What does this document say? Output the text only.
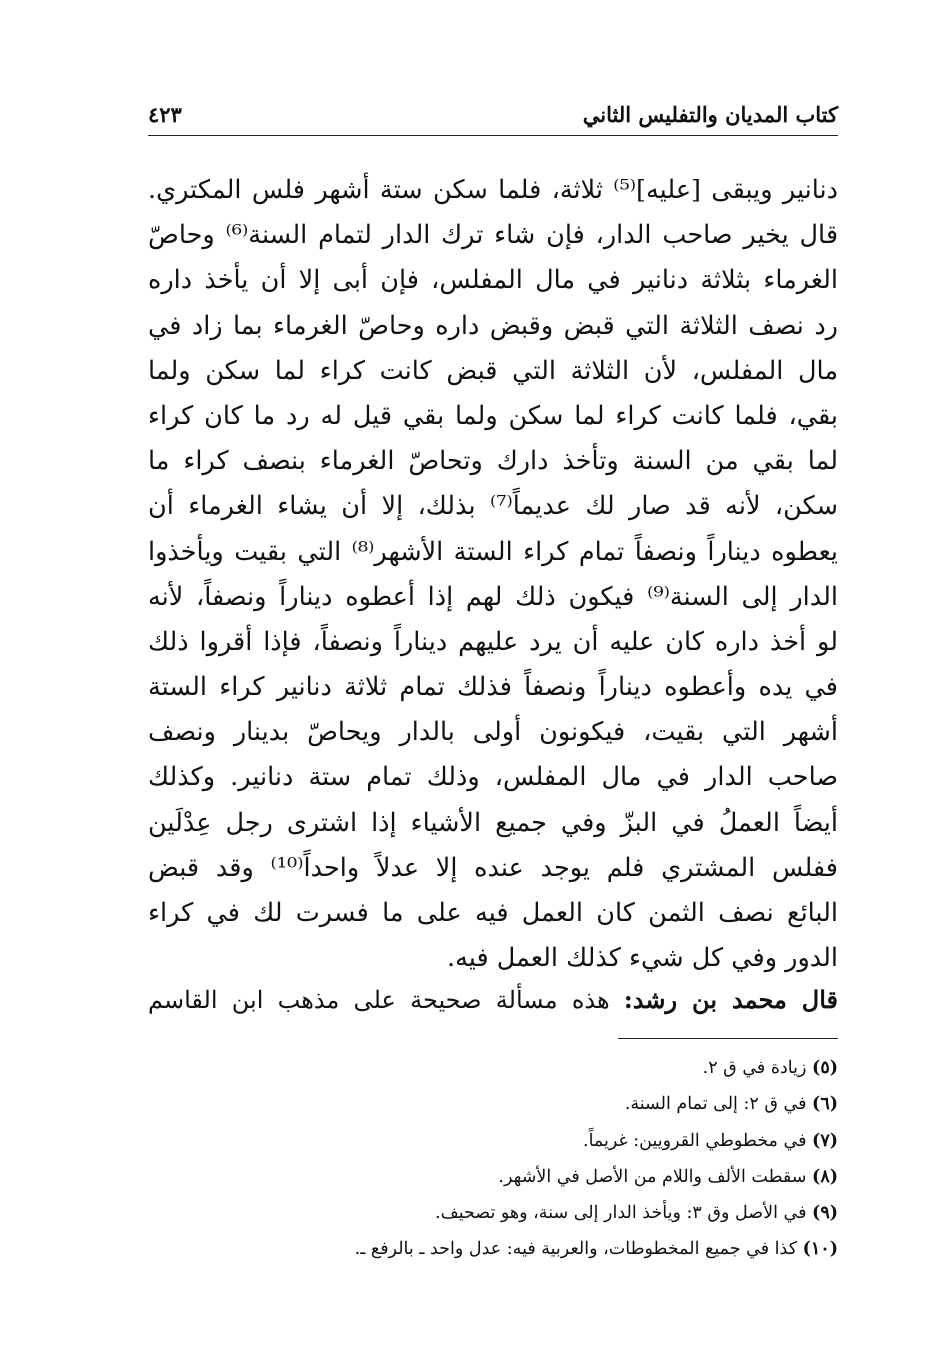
كتاب المديان والتفليس الثاني
٤٢٣
دنانير ويبقى [عليه]⁽⁵⁾ ثلاثة، فلما سكن ستة أشهر فلس المكتري.
قال يخير صاحب الدار، فإن شاء ترك الدار لتمام السنة⁽⁶⁾ وحاصّ
الغرماء بثلاثة دنانير في مال المفلس، فإن أبى إلا أن يأخذ داره
رد نصف الثلاثة التي قبض وقبض داره وحاصّ الغرماء بما زاد في
مال المفلس، لأن الثلاثة التي قبض كانت كراء لما سكن ولما
بقي، فلما كانت كراء لما سكن ولما بقي قيل له رد ما كان كراء
لما بقي من السنة وتأخذ دارك وتحاصّ الغرماء بنصف كراء ما
سكن، لأنه قد صار لك عديماً⁽⁷⁾ بذلك، إلا أن يشاء الغرماء أن
يعطوه ديناراً ونصفاً تمام كراء الستة الأشهر⁽⁸⁾ التي بقيت ويأخذوا
الدار إلى السنة⁽⁹⁾ فيكون ذلك لهم إذا أعطوه ديناراً ونصفاً، لأنه
لو أخذ داره كان عليه أن يرد عليهم ديناراً ونصفاً، فإذا أقروا ذلك
في يده وأعطوه ديناراً ونصفاً فذلك تمام ثلاثة دنانير كراء الستة
أشهر التي بقيت، فيكونون أولى بالدار ويحاصّ بدينار ونصف
صاحب الدار في مال المفلس، وذلك تمام ستة دنانير. وكذلك
أيضاً العملُ في البزّ وفي جميع الأشياء إذا اشترى رجل عِدْلَين
ففلس المشتري فلم يوجد عنده إلا عدلاً واحداً⁽¹⁰⁾ وقد قبض
البائع نصف الثمن كان العمل فيه على ما فسرت لك في كراء
الدور وفي كل شيء كذلك العمل فيه.
قال محمد بن رشد: هذه مسألة صحيحة على مذهب ابن القاسم
(٥) زيادة في ق ٢.
(٦) في ق ٢: إلى تمام السنة.
(٧) في مخطوطي القرويين: غريماً.
(٨) سقطت الألف واللام من الأصل في الأشهر.
(٩) في الأصل وق ٣: ويأخذ الدار إلى سنة، وهو تصحيف.
(١٠) كذا في جميع المخطوطات، والعربية فيه: عدل واحد ـ بالرفع ـ.
